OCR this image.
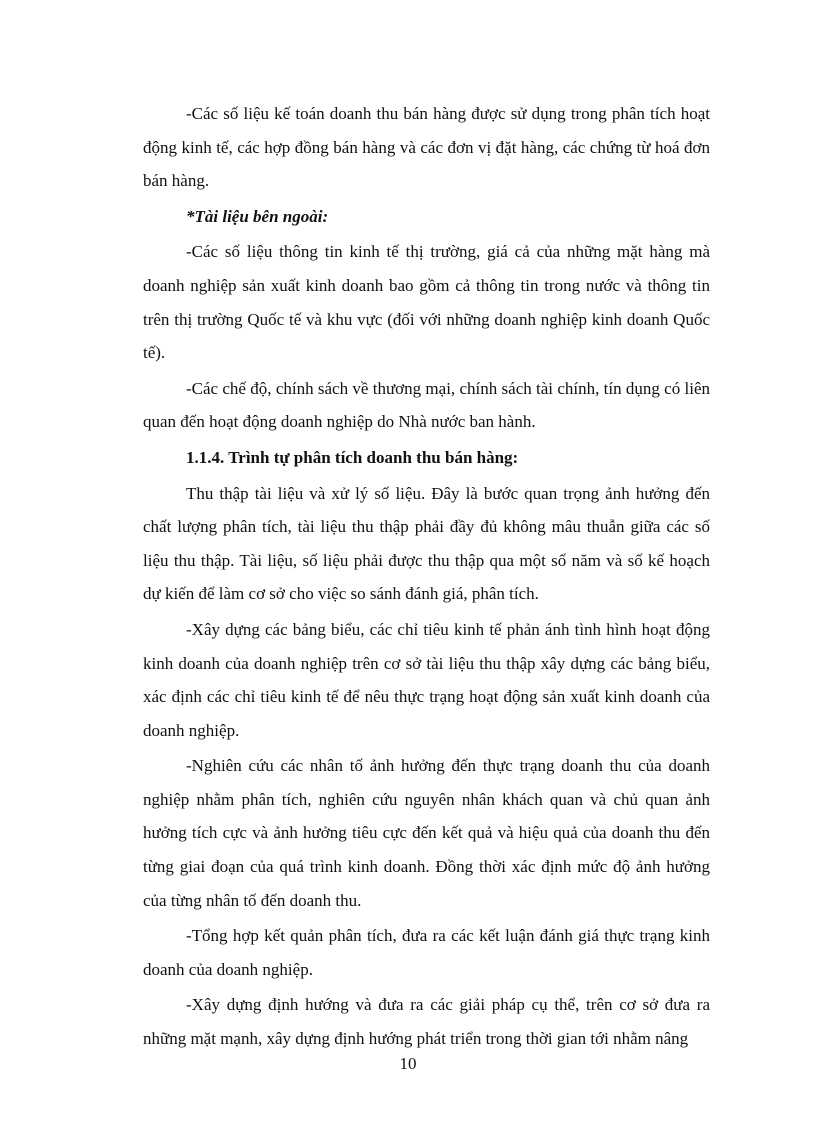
-Các số liệu kế toán doanh thu bán hàng được sử dụng trong phân tích hoạt động kinh tế, các hợp đồng bán hàng và các đơn vị đặt hàng, các chứng từ hoá đơn bán hàng.

*Tài liệu bên ngoài:

-Các số liệu thông tin kinh tế thị trường, giá cả của những mặt hàng mà doanh nghiệp sản xuất kinh doanh bao gồm cả thông tin trong nước và thông tin trên thị trường Quốc tế và khu vực (đối với những doanh nghiệp kinh doanh Quốc tế).

-Các chế độ, chính sách về thương mại, chính sách tài chính, tín dụng có liên quan đến hoạt động doanh nghiệp do Nhà nước ban hành.

1.1.4. Trình tự phân tích doanh thu bán hàng:

Thu thập tài liệu và xử lý số liệu. Đây là bước quan trọng ảnh hưởng đến chất lượng phân tích, tài liệu thu thập phải đầy đủ không mâu thuẫn giữa các số liệu thu thập. Tài liệu, số liệu phải được thu thập qua một số năm và số kế hoạch dự kiến để làm cơ sở cho việc so sánh đánh giá, phân tích.

-Xây dựng các bảng biểu, các chỉ tiêu kinh tế phản ánh tình hình hoạt động kinh doanh của doanh nghiệp trên cơ sở tài liệu thu thập xây dựng các bảng biểu, xác định các chỉ tiêu kinh tế để nêu thực trạng hoạt động sản xuất kinh doanh của doanh nghiệp.

-Nghiên cứu các nhân tố ảnh hưởng đến thực trạng doanh thu của doanh nghiệp nhằm phân tích, nghiên cứu nguyên nhân khách quan và chủ quan ảnh hưởng tích cực và ảnh hưởng tiêu cực đến kết quả và hiệu quả của doanh thu đến từng giai đoạn của quá trình kinh doanh. Đồng thời xác định mức độ ảnh hưởng của từng nhân tố đến doanh thu.

-Tổng hợp kết quản phân tích, đưa ra các kết luận đánh giá thực trạng kinh doanh của doanh nghiệp.

-Xây dựng định hướng và đưa ra các giải pháp cụ thể, trên cơ sở đưa ra những mặt mạnh, xây dựng định hướng phát triển trong thời gian tới nhằm nâng

10
